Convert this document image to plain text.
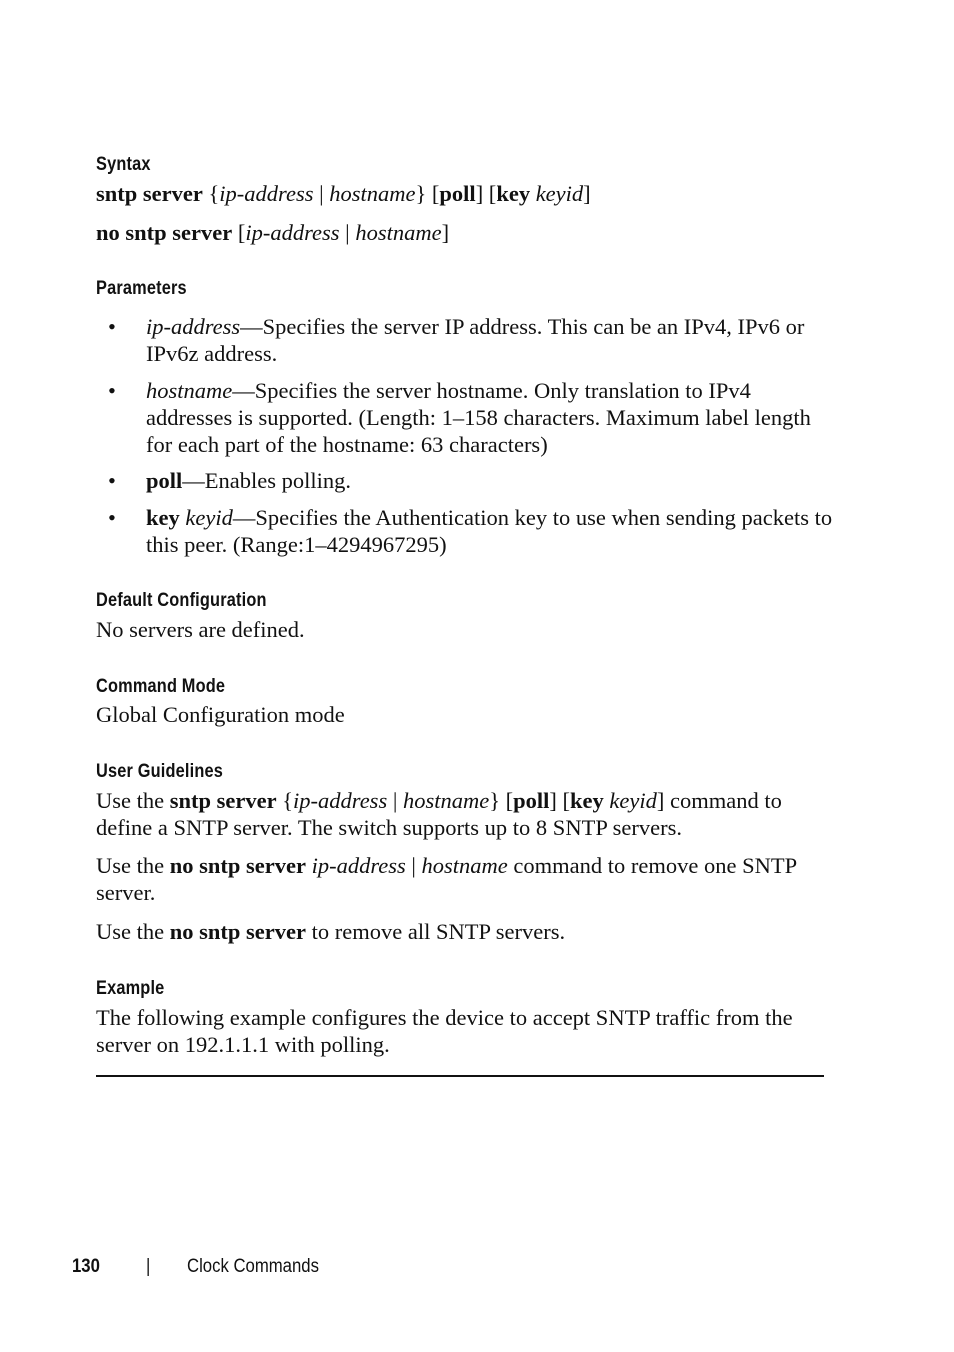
Syntax
sntp server {ip-address | hostname} [poll] [key keyid]
no sntp server [ip-address | hostname]
Parameters
• ip-address—Specifies the server IP address. This can be an IPv4, IPv6 or IPv6z address.
• hostname—Specifies the server hostname. Only translation to IPv4 addresses is supported. (Length: 1–158 characters. Maximum label length for each part of the hostname: 63 characters)
• poll—Enables polling.
• key keyid—Specifies the Authentication key to use when sending packets to this peer. (Range:1–4294967295)
Default Configuration
No servers are defined.
Command Mode
Global Configuration mode
User Guidelines
Use the sntp server {ip-address | hostname} [poll] [key keyid] command to define a SNTP server. The switch supports up to 8 SNTP servers.
Use the no sntp server ip-address | hostname command to remove one SNTP server.
Use the no sntp server to remove all SNTP servers.
Example
The following example configures the device to accept SNTP traffic from the server on 192.1.1.1 with polling.
130 | Clock Commands
